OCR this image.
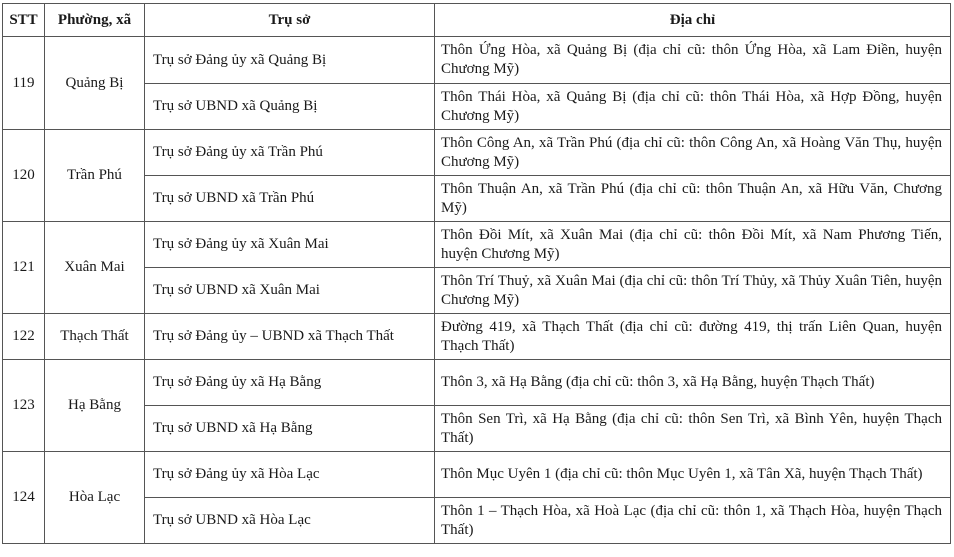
STT	Phường, xã	Trụ sở	Địa chỉ
119	Quảng Bị	Trụ sở Đảng ủy xã Quảng Bị	Thôn Ứng Hòa, xã Quảng Bị (địa chỉ cũ: thôn Ứng Hòa, xã Lam Điền, huyện Chương Mỹ)
		Trụ sở UBND xã Quảng Bị	Thôn Thái Hòa, xã Quảng Bị (địa chỉ cũ: thôn Thái Hòa, xã Hợp Đồng, huyện Chương Mỹ)
120	Trần Phú	Trụ sở Đảng ủy xã Trần Phú	Thôn Công An, xã Trần Phú (địa chỉ cũ: thôn Công An, xã Hoàng Văn Thụ, huyện Chương Mỹ)
		Trụ sở UBND xã Trần Phú	Thôn Thuận An, xã Trần Phú (địa chỉ cũ: thôn Thuận An, xã Hữu Văn, Chương Mỹ)
121	Xuân Mai	Trụ sở Đảng ủy xã Xuân Mai	Thôn Đồi Mít, xã Xuân Mai (địa chỉ cũ: thôn Đồi Mít, xã Nam Phương Tiến, huyện Chương Mỹ)
		Trụ sở UBND xã Xuân Mai	Thôn Trí Thuỷ, xã Xuân Mai (địa chỉ cũ: thôn Trí Thủy, xã Thủy Xuân Tiên, huyện Chương Mỹ)
122	Thạch Thất	Trụ sở Đảng ủy – UBND xã Thạch Thất	Đường 419, xã Thạch Thất (địa chỉ cũ: đường 419, thị trấn Liên Quan, huyện Thạch Thất)
123	Hạ Bằng	Trụ sở Đảng ủy xã Hạ Bằng	Thôn 3, xã Hạ Bằng (địa chỉ cũ: thôn 3, xã Hạ Bằng, huyện Thạch Thất)
		Trụ sở UBND xã Hạ Bằng	Thôn Sen Trì, xã Hạ Bằng (địa chỉ cũ: thôn Sen Trì, xã Bình Yên, huyện Thạch Thất)
124	Hòa Lạc	Trụ sở Đảng ủy xã Hòa Lạc	Thôn Mục Uyên 1 (địa chỉ cũ: thôn Mục Uyên 1, xã Tân Xã, huyện Thạch Thất)
		Trụ sở UBND xã Hòa Lạc	Thôn 1 – Thạch Hòa, xã Hoà Lạc (địa chỉ cũ: thôn 1, xã Thạch Hòa, huyện Thạch Thất)
